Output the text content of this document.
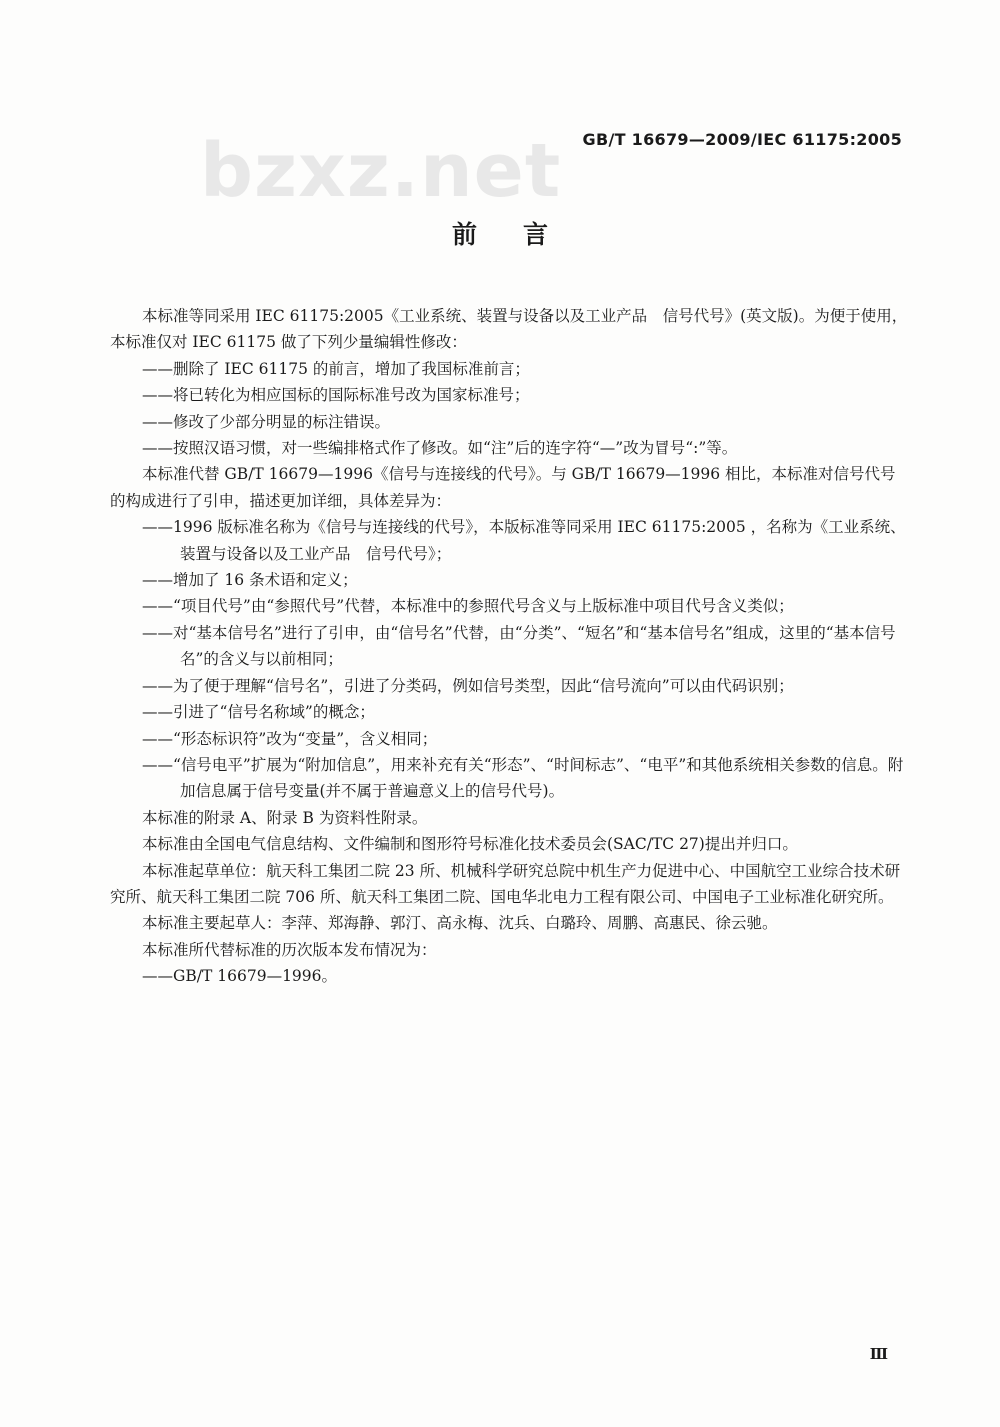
bzxz.net GB/T 16679—2009/IEC 61175:2005
前言

本标准等同采用 IEC 61175:2005《工业系统、装置与设备以及工业产品　信号代号》(英文版)。为便于使用，本标准仅对 IEC 61175 做了下列少量编辑性修改：

——删除了 IEC 61175 的前言，增加了我国标准前言；

——将已转化为相应国标的国际标准号改为国家标准号；

——修改了少部分明显的标注错误。

——按照汉语习惯，对一些编排格式作了修改。如“注”后的连字符“—”改为冒号“:”等。

本标准代替 GB/T 16679—1996《信号与连接线的代号》。与 GB/T 16679—1996 相比，本标准对信号代号的构成进行了引申，描述更加详细，具体差异为：

——1996 版标准名称为《信号与连接线的代号》，本版标准等同采用 IEC 61175:2005 ，名称为《工业系统、装置与设备以及工业产品　信号代号》；

——增加了 16 条术语和定义；

——“项目代号”由“参照代号”代替，本标准中的参照代号含义与上版标准中项目代号含义类似；

——对“基本信号名”进行了引申，由“信号名”代替，由“分类”、“短名”和“基本信号名”组成，这里的“基本信号名”的含义与以前相同；

——为了便于理解“信号名”，引进了分类码，例如信号类型，因此“信号流向”可以由代码识别；

——引进了“信号名称域”的概念；

——“形态标识符”改为“变量”，含义相同；

——“信号电平”扩展为“附加信息”，用来补充有关“形态”、“时间标志”、“电平”和其他系统相关参数的信息。附加信息属于信号变量(并不属于普遍意义上的信号代号)。

本标准的附录 A、附录 B 为资料性附录。

本标准由全国电气信息结构、文件编制和图形符号标准化技术委员会(SAC/TC 27)提出并归口。

本标准起草单位：航天科工集团二院 23 所、机械科学研究总院中机生产力促进中心、中国航空工业综合技术研究所、航天科工集团二院 706 所、航天科工集团二院、国电华北电力工程有限公司、中国电子工业标准化研究所。

本标准主要起草人：李萍、郑海静、郭汀、高永梅、沈兵、白璐玲、周鹏、高惠民、徐云驰。

本标准所代替标准的历次版本发布情况为：

——GB/T 16679—1996。

Ⅲ
